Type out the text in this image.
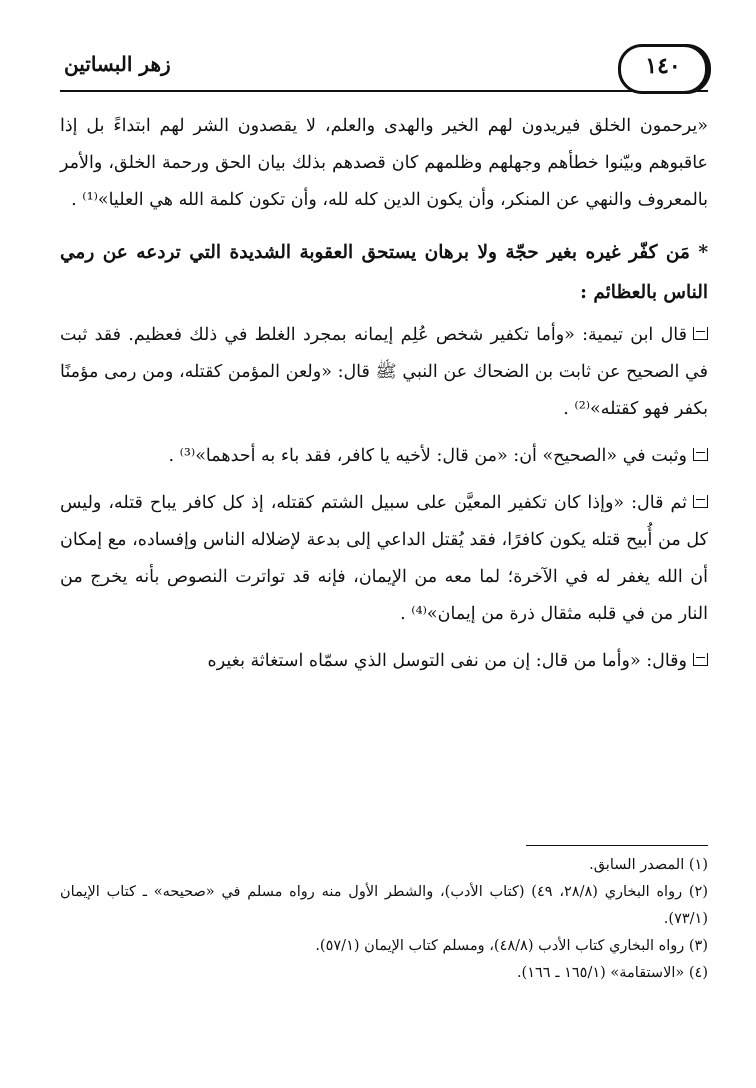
زهر البساتين	١٤٠

«يرحمون الخلق فيريدون لهم الخير والهدى والعلم، لا يقصدون الشر لهم ابتداءً بل إذا عاقبوهم وبيّنوا خطأهم وجهلهم وظلمهم كان قصدهم بذلك بيان الحق ورحمة الخلق، والأمر بالمعروف والنهي عن المنكر، وأن يكون الدين كله لله، وأن تكون كلمة الله هي العليا»⁽¹⁾ .

* مَن كفّر غيره بغير حجّة ولا برهان يستحق العقوبة الشديدة التي تردعه عن رمي الناس بالعظائم :

قال ابن تيمية: «وأما تكفير شخص عُلِم إيمانه بمجرد الغلط في ذلك فعظيم. فقد ثبت في الصحيح عن ثابت بن الضحاك عن النبي ﷺ قال: «ولعن المؤمن كقتله، ومن رمى مؤمنًا بكفر فهو كقتله»⁽²⁾ .

وثبت في «الصحيح» أن: «من قال: لأخيه يا كافر، فقد باء به أحدهما»⁽³⁾ .

ثم قال: «وإذا كان تكفير المعيَّن على سبيل الشتم كقتله، إذ كل كافر يباح قتله، وليس كل من أُبيح قتله يكون كافرًا، فقد يُقتل الداعي إلى بدعة لإضلاله الناس وإفساده، مع إمكان أن الله يغفر له في الآخرة؛ لما معه من الإيمان، فإنه قد تواترت النصوص بأنه يخرج من النار من في قلبه مثقال ذرة من إيمان»⁽⁴⁾ .

وقال: «وأما من قال: إن من نفى التوسل الذي سمّاه استغاثة بغيره

(١) المصدر السابق.

(٢) رواه البخاري (٢٨/٨، ٤٩) (كتاب الأدب)، والشطر الأول منه رواه مسلم في «صحيحه» ـ كتاب الإيمان (٧٣/١).

(٣) رواه البخاري كتاب الأدب (٤٨/٨)، ومسلم كتاب الإيمان (٥٧/١).

(٤) «الاستقامة» (١٦٥/١ ـ ١٦٦).
